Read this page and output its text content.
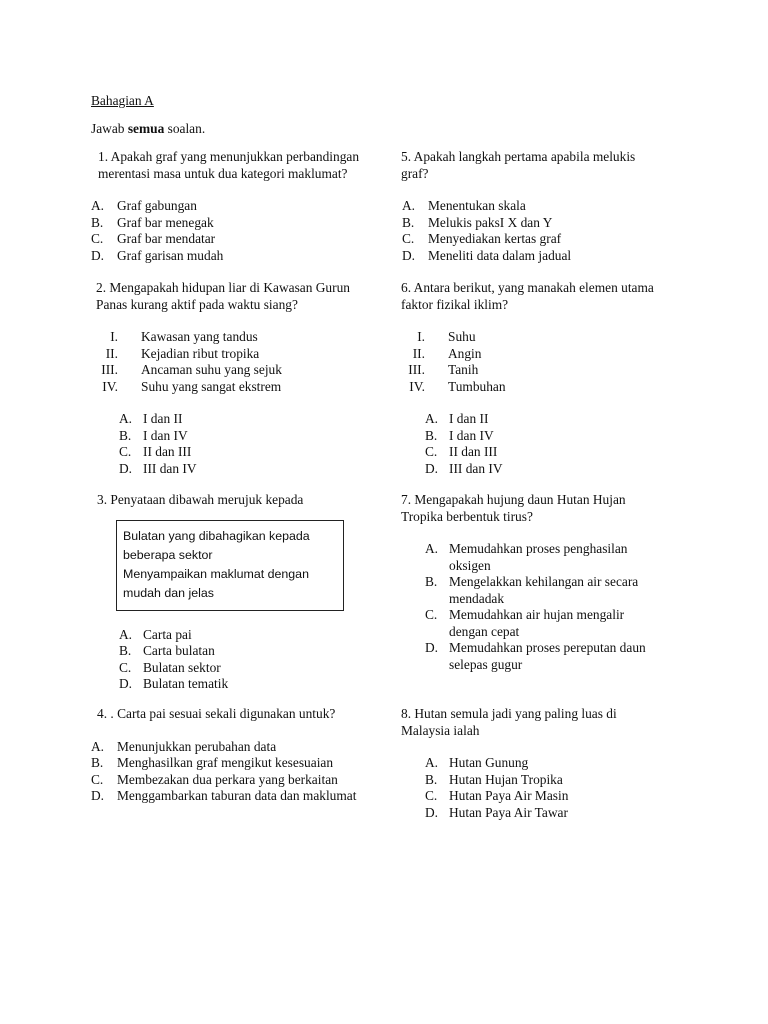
Bahagian A
Jawab semua soalan.

1. Apakah graf yang menunjukkan perbandingan
merentasi masa untuk dua kategori maklumat?

A. Graf gabungan
B. Graf bar menegak
C. Graf bar mendatar
D. Graf garisan mudah

2. Mengapakah hidupan liar di Kawasan Gurun
Panas kurang aktif pada waktu siang?

I. Kawasan yang tandus
II. Kejadian ribut tropika
III. Ancaman suhu yang sejuk
IV. Suhu yang sangat ekstrem
A. I dan II
B. I dan IV
C. II dan III
D. III dan IV

3. Penyataan dibawah merujuk kepada

Bulatan yang dibahagikan kepada
beberapa sektor
Menyampaikan maklumat dengan
mudah dan jelas
A. Carta pai
B. Carta bulatan
C. Bulatan sektor
D. Bulatan tematik

4. . Carta pai sesuai sekali digunakan untuk?

A. Menunjukkan perubahan data
B. Menghasilkan graf mengikut kesesuaian
C. Membezakan dua perkara yang berkaitan
D. Menggambarkan taburan data dan maklumat

5. Apakah langkah pertama apabila melukis
graf?

A. Menentukan skala
B. Melukis paksI X dan Y
C. Menyediakan kertas graf
D. Meneliti data dalam jadual

6. Antara berikut, yang manakah elemen utama
faktor fizikal iklim?

I. Suhu
II. Angin
III. Tanih
IV. Tumbuhan
A. I dan II
B. I dan IV
C. II dan III
D. III dan IV

7. Mengapakah hujung daun Hutan Hujan
Tropika berbentuk tirus?

A. Memudahkan proses penghasilan
oksigen
B. Mengelakkan kehilangan air secara
mendadak
C. Memudahkan air hujan mengalir
dengan cepat
D. Memudahkan proses pereputan daun
selepas gugur

8. Hutan semula jadi yang paling luas di
Malaysia ialah

A. Hutan Gunung
B. Hutan Hujan Tropika
C. Hutan Paya Air Masin
D. Hutan Paya Air Tawar
